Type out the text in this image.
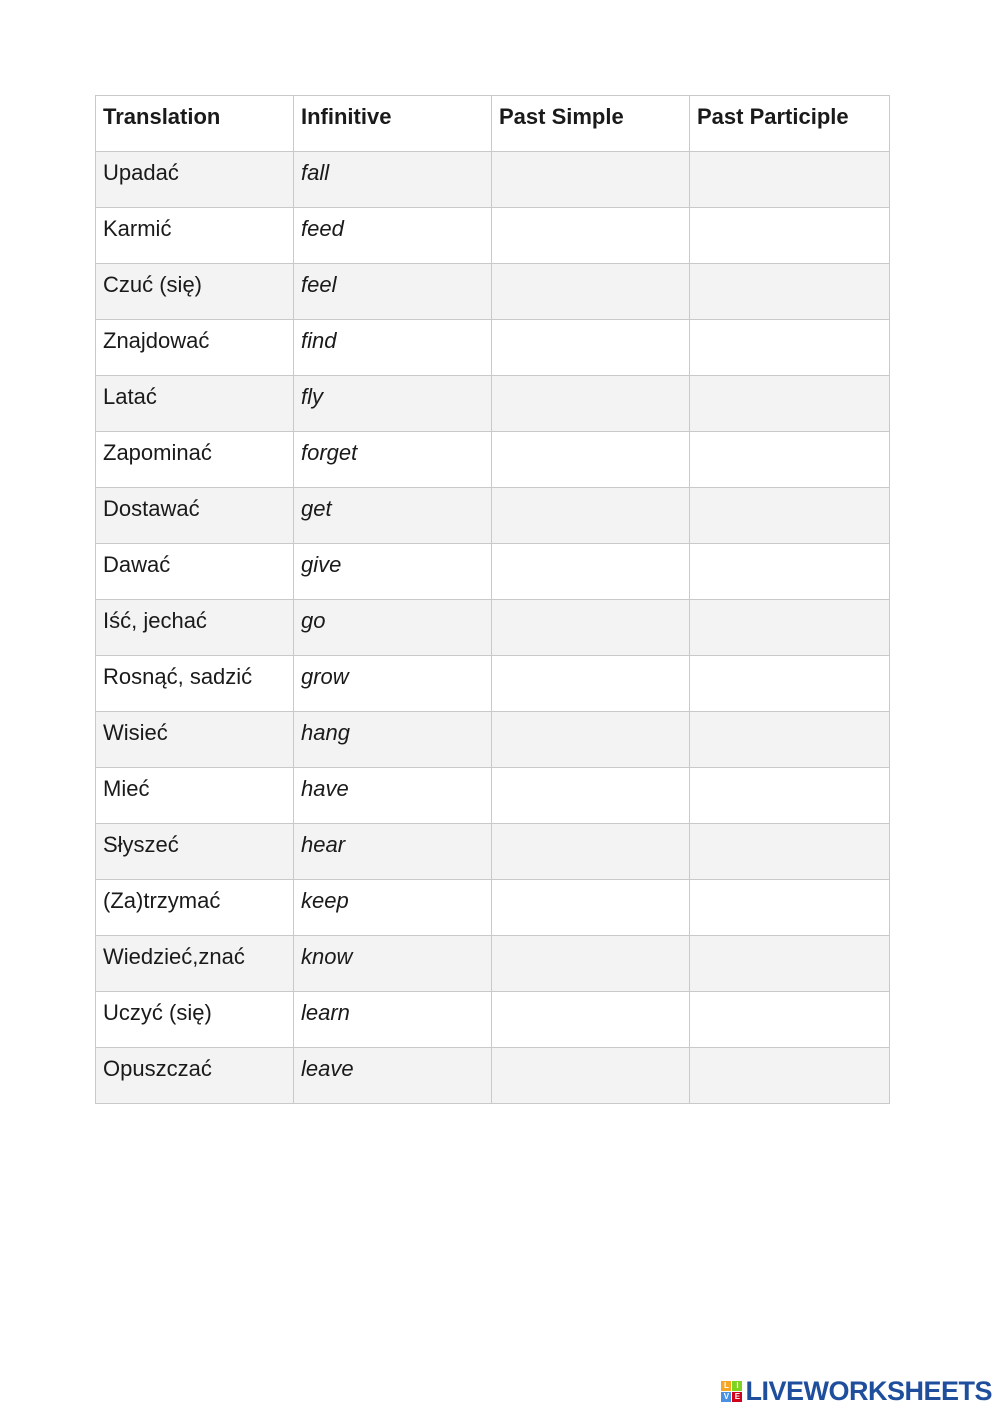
Translation	Infinitive	Past Simple	Past Participle
Upadać	fall		
Karmić	feed		
Czuć (się)	feel		
Znajdować	find		
Latać	fly		
Zapominać	forget		
Dostawać	get		
Dawać	give		
Iść, jechać	go		
Rosnąć, sadzić	grow		
Wisieć	hang		
Mieć	have		
Słyszeć	hear		
(Za)trzymać	keep		
Wiedzieć,znać	know		
Uczyć (się)	learn		
Opuszczać	leave		
L I
V E LIVEWORKSHEETS
